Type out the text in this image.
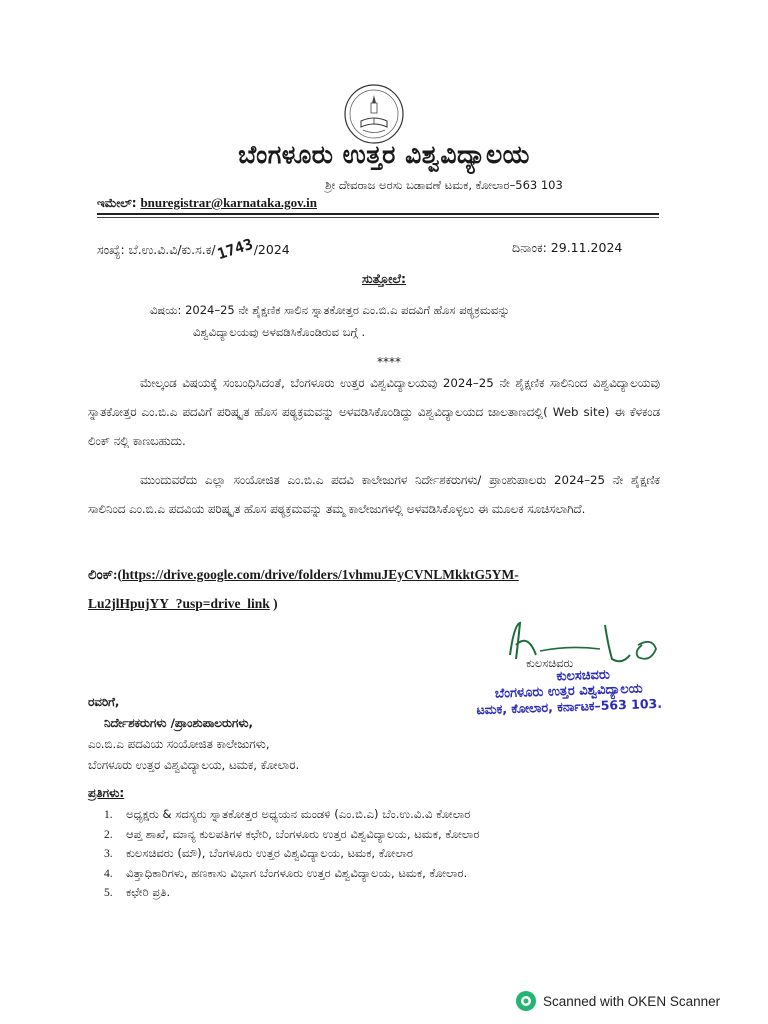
ಬೆಂಗಳೂರು ಉತ್ತರ ವಿಶ್ವವಿದ್ಯಾಲಯ
ಶ್ರೀ ದೇವರಾಜ ಅರಸು ಬಡಾವಣೆ ಟಮಕ, ಕೋಲಾರ–563 103
ಇಮೇಲ್: bnuregistrar@karnataka.gov.in
ಸಂಖ್ಯೆ: ಬೆ.ಉ.ವಿ.ವಿ/ಕು.ಸ.ಕ/1743/2024	ದಿನಾಂಕ: 29.11.2024
ಸುತ್ತೋಲೆ:
ವಿಷಯ: 2024–25 ನೇ ಶೈಕ್ಷಣಿಕ ಸಾಲಿನ ಸ್ನಾತಕೋತ್ತರ ಎಂ.ಬಿ.ಎ ಪದವಿಗೆ ಹೊಸ ಪಠ್ಯಕ್ರಮವನ್ನು
ವಿಶ್ವವಿದ್ಯಾಲಯವು ಅಳವಡಿಸಿಕೊಂಡಿರುವ ಬಗ್ಗೆ .
****
ಮೇಲ್ಕಂಡ ವಿಷಯಕ್ಕೆ ಸಂಬಂಧಿಸಿದಂತೆ, ಬೆಂಗಳೂರು ಉತ್ತರ ವಿಶ್ವವಿದ್ಯಾಲಯವು 2024–25 ನೇ ಶೈಕ್ಷಣಿಕ ಸಾಲಿನಿಂದ ವಿಶ್ವವಿದ್ಯಾಲಯವು ಸ್ನಾತಕೋತ್ತರ ಎಂ.ಬಿ.ಎ ಪದವಿಗೆ ಪರಿಷ್ಕೃತ ಹೊಸ ಪಠ್ಯಕ್ರಮವನ್ನು ಅಳವಡಿಸಿಕೊಂಡಿದ್ದು ವಿಶ್ವವಿದ್ಯಾಲಯದ ಜಾಲತಾಣದಲ್ಲಿ( Web site) ಈ ಕೆಳಕಂಡ ಲಿಂಕ್ ನಲ್ಲಿ ಕಾಣಬಹುದು.
ಮುಂದುವರೆದು ಎಲ್ಲಾ ಸಂಯೋಜಿತ ಎಂ.ಬಿ.ಎ ಪದವಿ ಕಾಲೇಜುಗಳ ನಿರ್ದೇಶಕರುಗಳು/ ಪ್ರಾಂಶುಪಾಲರು 2024–25 ನೇ ಶೈಕ್ಷಣಿಕ ಸಾಲಿನಿಂದ ಎಂ.ಬಿ.ಎ ಪದವಿಯ ಪರಿಷ್ಕೃತ ಹೊಸ ಪಠ್ಯಕ್ರಮವನ್ನು ತಮ್ಮ ಕಾಲೇಜುಗಳಲ್ಲಿ ಅಳವಡಿಸಿಕೊಳ್ಳಲು ಈ ಮೂಲಕ ಸೂಚಿಸಲಾಗಿದೆ.
ಲಿಂಕ್:(https://drive.google.com/drive/folders/1vhmuJEyCVNLMkktG5YM-
Lu2jlHpujYY_?usp=drive_link )
ಕುಲಸಚಿವರು
ಕುಲಸಚಿವರು
ಬೆಂಗಳೂರು ಉತ್ತರ ವಿಶ್ವವಿದ್ಯಾಲಯ
ಟಮಕ, ಕೋಲಾರ, ಕರ್ನಾಟಕ–563 103.
ರವರಿಗೆ,
ನಿರ್ದೇಶಕರುಗಳು /ಪ್ರಾಂಶುಪಾಲರುಗಳು,
ಎಂ.ಬಿ.ಎ ಪದವಿಯ ಸಂಯೋಜಿತ ಕಾಲೇಜುಗಳು,
ಬೆಂಗಳೂರು ಉತ್ತರ ವಿಶ್ವವಿದ್ಯಾಲಯ, ಟಮಕ, ಕೋಲಾರ.
ಪ್ರತಿಗಳು:
1. ಅಧ್ಯಕ್ಷರು & ಸದಸ್ಯರು ಸ್ನಾತಕೋತ್ತರ ಅಧ್ಯಯನ ಮಂಡಳಿ (ಎಂ.ಬಿ.ಎ) ಬೆಂ.ಉ.ವಿ.ವಿ ಕೋಲಾರ
2. ಆಪ್ತ ಶಾಖೆ, ಮಾನ್ಯ ಕುಲಪತಿಗಳ ಕಛೇರಿ, ಬೆಂಗಳೂರು ಉತ್ತರ ವಿಶ್ವವಿದ್ಯಾಲಯ, ಟಮಕ, ಕೋಲಾರ
3. ಕುಲಸಚಿವರು (ಮೌ), ಬೆಂಗಳೂರು ಉತ್ತರ ವಿಶ್ವವಿದ್ಯಾಲಯ, ಟಮಕ, ಕೋಲಾರ
4. ವಿತ್ತಾಧಿಕಾರಿಗಳು, ಹಣಕಾಸು ವಿಭಾಗ ಬೆಂಗಳೂರು ಉತ್ತರ ವಿಶ್ವವಿದ್ಯಾಲಯ, ಟಮಕ, ಕೋಲಾರ.
5. ಕಛೇರಿ ಪ್ರತಿ.
Scanned with OKEN Scanner
